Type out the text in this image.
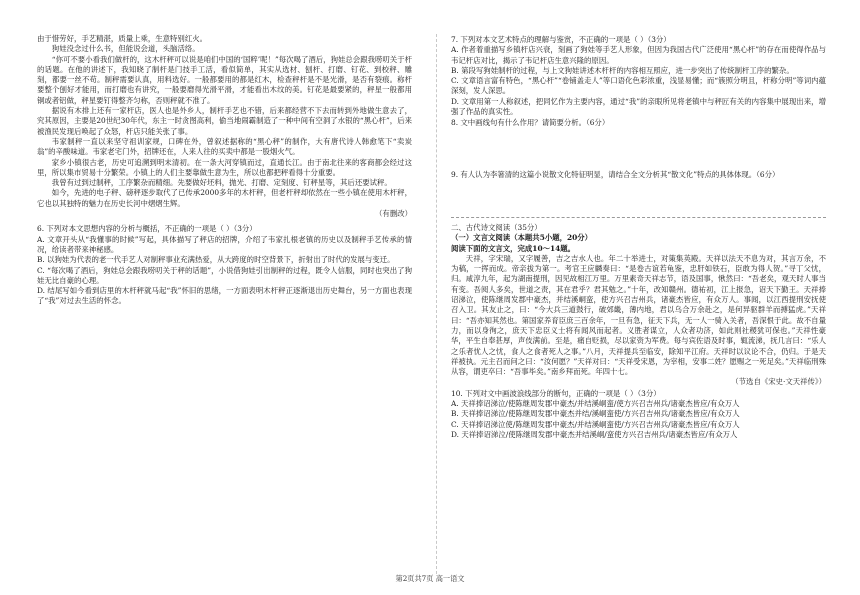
由于惜劳好，手艺精湛，质量上乘，生意特别红火。

狗娃没念过什么书，但能说会道，头脑活络。

“你可不要小看我们做杆的，这木杆秤可以说是咱们中国的‘国粹’呢！”每次喝了酒后，狗娃总会跟我唠叨关于杆的话题。在他的讲述下，我知晓了制杆是门技手工活，看似简单，其实从选材、刨杆、打磨、钉花、到校秤、雕刻，都要一丝不苟。制秤需要认真，用料选好。一般都要用的都是红木，检查秤杆是不是光滑，是否有裂痕。称杆要整个刨好才能用，而打磨也有讲究，一般要磨得光滑平滑，才能看出木纹的美。钉花是最要紧的，秤星一般都用铜或者铝做，秤星要钉得整齐匀称，否则秤就不准了。

据说有木排上还有一家杆店，医人也是外乡人，制杆手艺也不错，后来都经营不下去而转到外地做生意去了，究其原因，主要是20世纪30年代，东主一时贪图高利，偷当地闹霸制造了一种中间有空洞了水银的“黑心杆”，后来被渔民发现后唤起了众怒，杆店只能关张了事。

韦家制秤一直以来坚守祖训家规，口碑在外，曾叙述据称的“黑心秤”的制作，大有唐代诗人韩愈笔下“卖炭翁”的辛酸味道。韦家老宅门外，招牌还在，人来人往的买卖中都是一股烟火气。

家乡小镇很古老，历史可追溯到明末清初。在一条大河穿镇而过，直通长江。由于南北往来的客商都会经过这里，所以集市贸易十分繁荣。小镇上的人们主要靠做生意为生，所以也都把秤看得十分重要。

我曾有过到过制秤，工序繁杂而精细。先要做好坯料，抛光、打磨、定刻度、钉秤星等，其后还要试秤。

如今，先进的电子秤、磅秤逐步取代了已传承2000多年的木杆秤，但老杆秤却依然在一些小镇在使用木杆秤，它也以其独特的魅力在历史长河中熠熠生辉。

（有删改）

6. 下列对本文思想内容的分析与概括，不正确的一项是（ ）（3分）

A. 文章开头从“我懂事的时候”写起，具体描写了秤店的招牌，介绍了韦家扎根老镇的历史以及制秤手艺传承的情况，给读者带来神秘感。

B. 以狗娃为代表的老一代手艺人对制秤事业充满热爱，从大跨度的时空背景下，折射出了时代的发展与变迁。

C. “每次喝了酒后，狗娃总会跟我唠叨关于秤的话题”，小说借狗娃引出制秤的过程，既令人信服，同时也突出了狗娃无比自豪的心理。

D. 结尾写如今看到店里的木杆秤就马起“我”怀旧的思绪，一方面表明木杆秤正逐渐退出历史舞台，另一方面也表现了“我”对过去生活的怀念。

7. 下列对本文艺术特点的理解与鉴赏，不正确的一项是（ ）（3分）

A. 作者着重描写乡镇杆店兴衰，刻画了狗娃等手艺人形象，但因为我国古代广泛使用“黑心杆”的存在而使得作品与韦记杆店对比，揭示了韦记杆店生意兴隆的原因。

B. 第段写狗娃制杆的过程，与上文狗娃讲述木杆杆的内容相互照应，进一步突出了传统制杆工序的繁杂。

C. 文章语言富有特色，“黑心杆”“卷铺盖走人”等口语化色彩浓重，浅显易懂；而“簇照分明且，杆称分明”等词内蕴深刻，发人深思。

D. 文章用第一人称叙述，把同忆作为主要内容，通过“我”的亲眼所见将老镇中与秤匠有关的内容集中展现出来，增强了作品的真实性。

8. 文中画线句有什么作用？请简要分析。（6分）

9. 有人认为李箸清的这篇小说散文化特征明显，请结合全文分析其“散文化”特点的具体体现。（6分）

二、古代诗文阅读（35分）

（一）文言文阅读（本题共5小题，20分）

阅读下面的文言文，完成10～14题。

天祥，字宋瑞，又字履善，吉之吉水人也。年二十举进士，对策集英殿。天祥以法天不息为对，其言万余，不为稿，一挥而成。帝亲拔为第一。考官王应麟奏曰：“是卷古谊若龟鉴，忠肝如铁石，臣敢为得人贺。”寻丁父忧，归。咸淳九年，起为湖南提刑，因见故相江万里。万里素奇天祥志节，语及国事，愀然曰：“吾老矣，观天时人事当有变。吾阅人多矣，世道之责，其在君乎？君其勉之。”十年，改知赣州。德祐初，江上报急，诏天下勤王。天祥捧诏涕泣，使陈继周发郡中豪杰，并结溪峒蛮，使方兴召吉州兵，诸豪杰皆应，有众万人。事闻，以江西提刑安抚使召入卫。其友止之，曰：“今大兵三道鼓行，破郊畿，薄内地，君以乌合万余赴之，是何异驱群羊而搏猛虎。”天祥曰：“吾亦知其然也。第国家养育臣庶三百余年，一旦有急，征天下兵，无一人一骑入关者，吾深恨于此。故不自量力，而以身徇之，庶天下忠臣义士将有闻风而起者。义胜者谋立，人众者功济，如此则社稷犹可保也。”天祥性豪华，平生自奉甚厚，声伎满前。至是，痛自贬损，尽以家资为军费。每与宾佐语及时事，辄流涕，抚几言曰：“乐人之乐者忧人之忧，食人之食者死人之事。”八月，天祥提兵至临安，除知平江府。天祥时以议论不合，仍归。于是天祥被执。元主召而问之曰：“汝何愿？”天祥对曰：“天祥受宋恩，为宰相，安事二姓？愿赐之一死足矣。”天祥临刑殊从容，谓吏卒曰：“吾事毕矣。”南乡拜而死。年四十七。

（节选自《宋史·文天祥传》）

10. 下列对文中画波浪线部分的断句，正确的一项是（ ）（3分）

A. 天祥捧诏涕泣/使陈继周发郡中豪杰/并结溪峒蛮/使方兴召吉州兵/诸豪杰皆应/有众万人

B. 天祥捧诏涕泣/使陈继周发郡中豪杰并结/溪峒蛮使/方兴召吉州兵/诸豪杰皆应/有众万人

C. 天祥捧诏涕泣使/陈继周发郡中豪杰/并结溪峒蛮使/方兴召吉州兵/诸豪杰皆应/有众万人

D. 天祥捧诏涕泣/使陈继周发郡中豪杰并结溪峒/蛮使方兴召吉州兵/诸豪杰皆应/有众万人

第2页共7页 高一语文
